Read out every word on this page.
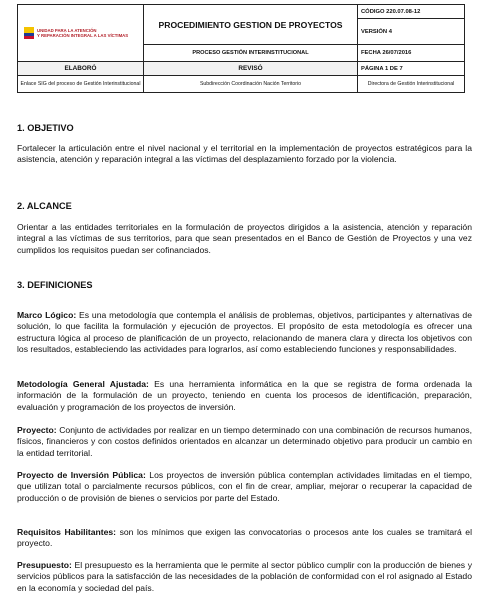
UNIDAD PARA LA ATENCIÓN
Y REPARACIÓN INTEGRAL A LAS VÍCTIMAS	PROCEDIMIENTO GESTION DE PROYECTOS	CÓDIGO 220.07.08-12
		VERSIÓN 4
	PROCESO GESTIÓN INTERINSTITUCIONAL	FECHA 26/07/2016
ELABORÓ	REVISÓ	PÁGINA 1 DE 7
Enlace SIG del proceso de Gestión Interinstitucional	Subdirección Coordinación Nación Territorio	Directora de Gestión Interinstitucional
1. OBJETIVO

Fortalecer la articulación entre el nivel nacional y el territorial en la implementación de proyectos estratégicos para la asistencia, atención y reparación integral a las víctimas del desplazamiento forzado por la violencia.

2. ALCANCE

Orientar a las entidades territoriales en la formulación de proyectos dirigidos a la asistencia, atención y reparación integral a las víctimas de sus territorios, para que sean presentados en el Banco de Gestión de Proyectos y una vez cumplidos los requisitos puedan ser cofinanciados.

3. DEFINICIONES

Marco Lógico: Es una metodología que contempla el análisis de problemas, objetivos, participantes y alternativas de solución, lo que facilita la formulación y ejecución de proyectos. El propósito de esta metodología es ofrecer una estructura lógica al proceso de planificación de un proyecto, relacionando de manera clara y directa los objetivos con los resultados, estableciendo las actividades para lograrlos, así como estableciendo funciones y responsabilidades.

Metodología General Ajustada: Es una herramienta informática en la que se registra de forma ordenada la información de la formulación de un proyecto, teniendo en cuenta los procesos de identificación, preparación, evaluación y programación de los proyectos de inversión.

Proyecto: Conjunto de actividades por realizar en un tiempo determinado con una combinación de recursos humanos, físicos, financieros y con costos definidos orientados en alcanzar un determinado objetivo para producir un cambio en la entidad territorial.

Proyecto de Inversión Pública: Los proyectos de inversión pública contemplan actividades limitadas en el tiempo, que utilizan total o parcialmente recursos públicos, con el fin de crear, ampliar, mejorar o recuperar la capacidad de producción o de provisión de bienes o servicios por parte del Estado.

Requisitos Habilitantes: son los mínimos que exigen las convocatorias o procesos ante los cuales se tramitará el proyecto.

Presupuesto: El presupuesto es la herramienta que le permite al sector público cumplir con la producción de bienes y servicios públicos para la satisfacción de las necesidades de la población de conformidad con el rol asignado al Estado en la economía y sociedad del país.
